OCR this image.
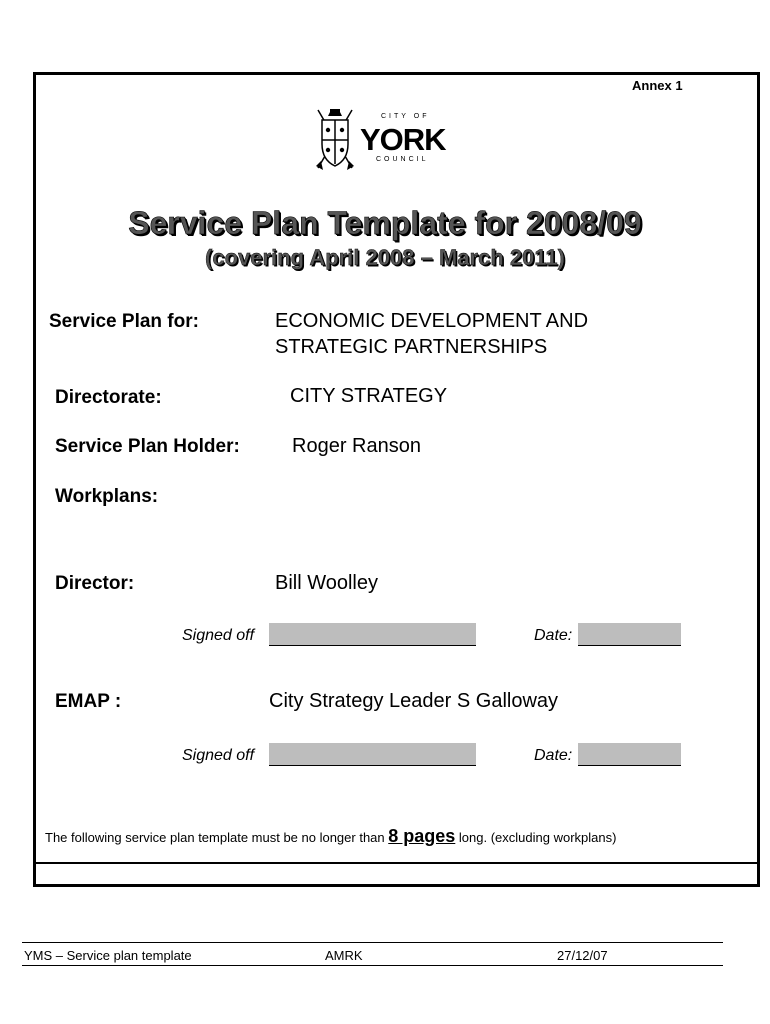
Annex 1
CITY OF
YORK
COUNCIL
Service Plan Template for 2008/09
(covering April 2008 – March 2011)
Service Plan for:	ECONOMIC DEVELOPMENT AND
STRATEGIC PARTNERSHIPS
Directorate:	CITY STRATEGY
Service Plan Holder:	Roger Ranson
Workplans:
Director:	Bill Woolley
Signed off	Date:
EMAP :	City Strategy Leader S Galloway
Signed off	Date:
The following service plan template must be no longer than 8 pages long. (excluding workplans)
YMS – Service plan template	AMRK	27/12/07
